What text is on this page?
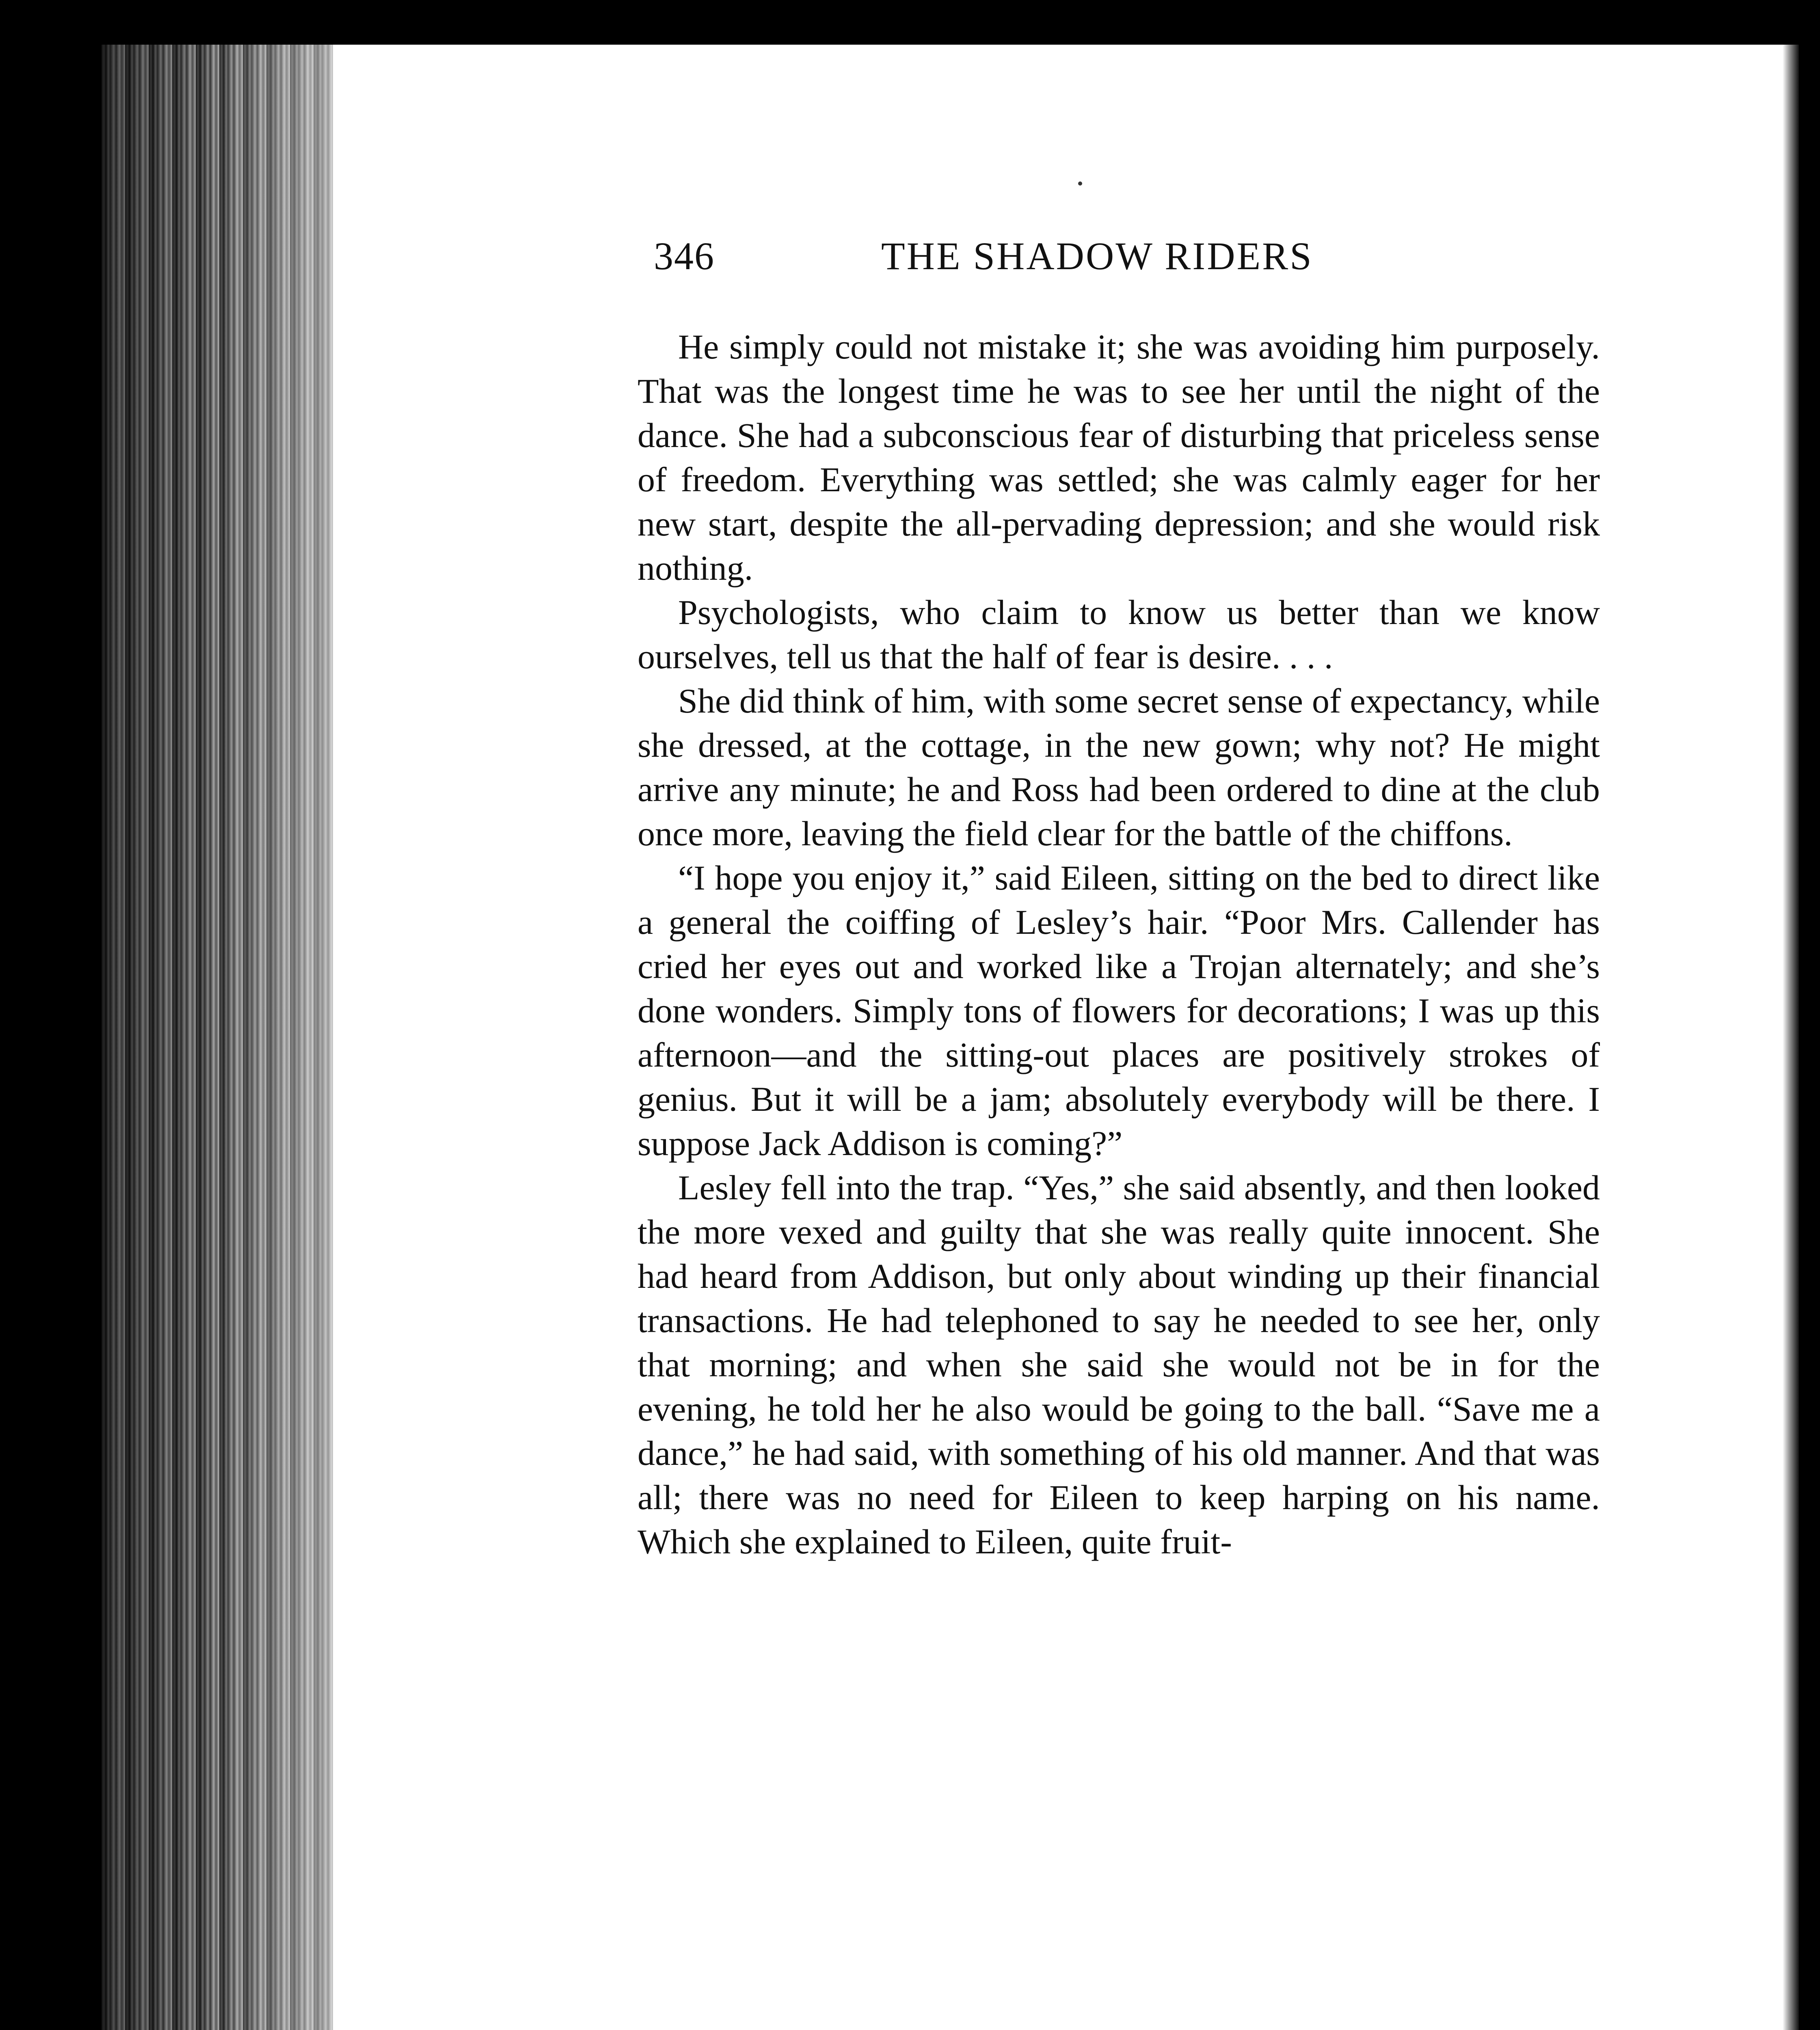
346	THE SHADOW RIDERS

He simply could not mistake it; she was avoiding him purposely. That was the longest time he was to see her until the night of the dance. She had a subconscious fear of disturbing that priceless sense of freedom. Everything was settled; she was calmly eager for her new start, despite the all-pervading depression; and she would risk nothing.

Psychologists, who claim to know us better than we know ourselves, tell us that the half of fear is desire. . . .

She did think of him, with some secret sense of expectancy, while she dressed, at the cottage, in the new gown; why not? He might arrive any minute; he and Ross had been ordered to dine at the club once more, leaving the field clear for the battle of the chiffons.

“I hope you enjoy it,” said Eileen, sitting on the bed to direct like a general the coiffing of Lesley’s hair. “Poor Mrs. Callender has cried her eyes out and worked like a Trojan alternately; and she’s done wonders. Simply tons of flowers for decorations; I was up this afternoon—and the sitting-out places are positively strokes of genius. But it will be a jam; absolutely everybody will be there. I suppose Jack Addison is coming?”

Lesley fell into the trap. “Yes,” she said absently, and then looked the more vexed and guilty that she was really quite innocent. She had heard from Addison, but only about winding up their financial transactions. He had telephoned to say he needed to see her, only that morning; and when she said she would not be in for the evening, he told her he also would be going to the ball. “Save me a dance,” he had said, with something of his old manner. And that was all; there was no need for Eileen to keep harping on his name. Which she explained to Eileen, quite fruit-
